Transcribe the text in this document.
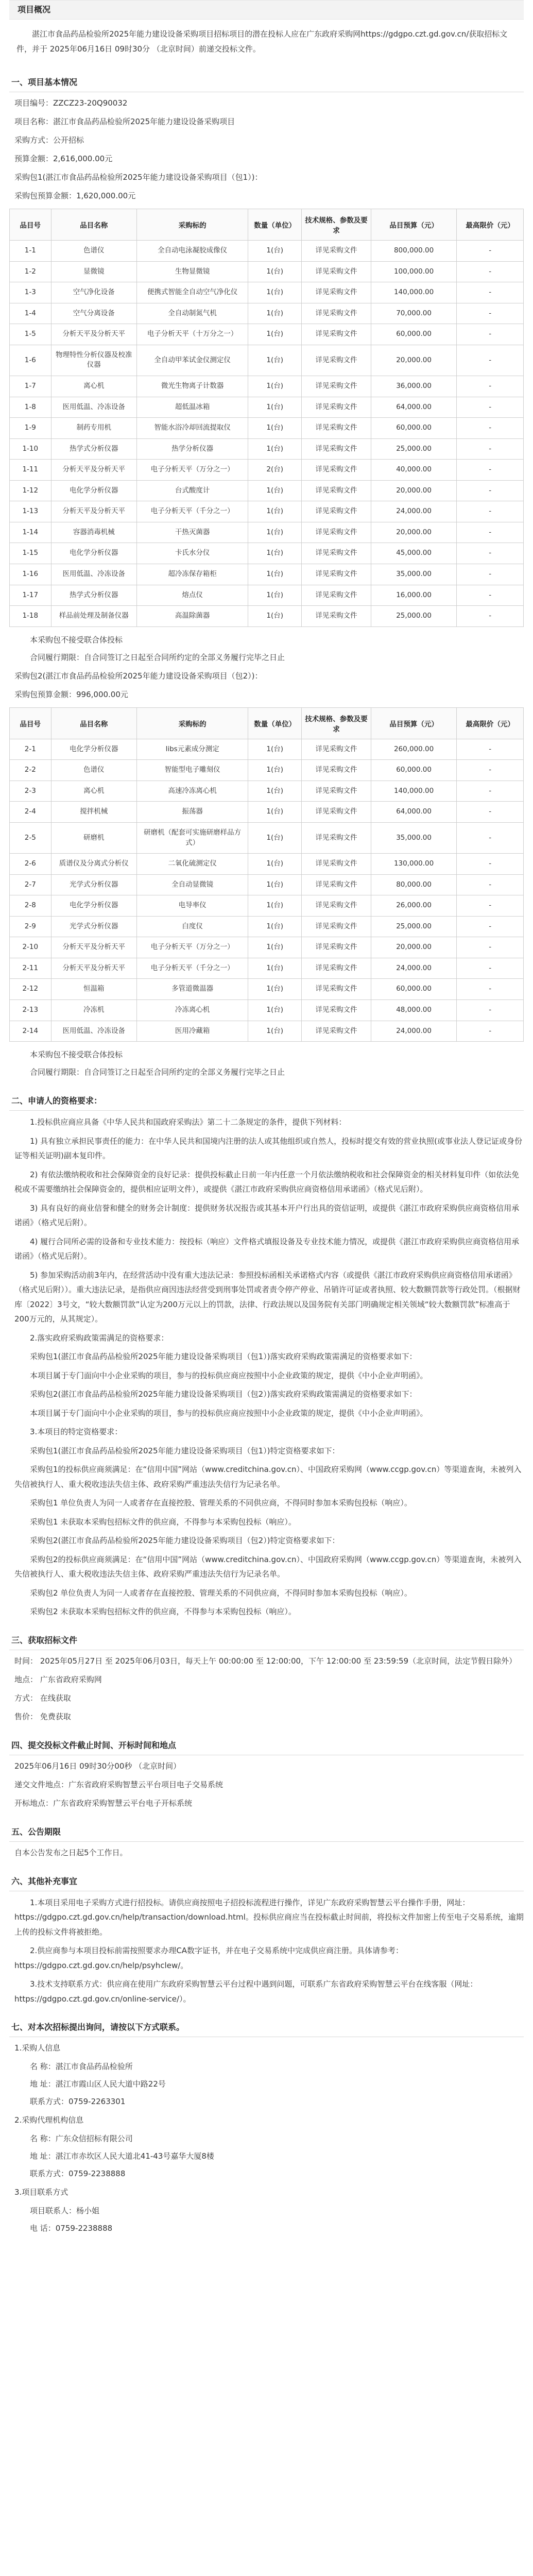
项目概况

湛江市食品药品检验所2025年能力建设设备采购项目招标项目的潜在投标人应在广东政府采购网https://gdgpo.czt.gd.gov.cn/获取招标文件，并于 2025年06月16日 09时30分 （北京时间）前递交投标文件。

一、项目基本情况
项目编号：ZZCZ23-20Q90032
项目名称：湛江市食品药品检验所2025年能力建设设备采购项目
采购方式：公开招标
预算金额：2,616,000.00元
采购包1(湛江市食品药品检验所2025年能力建设设备采购项目（包1）)：
采购包预算金额：1,620,000.00元
品目号	品目名称	采购标的	数量（单位）	技术规格、参数及要求	品目预算（元）	最高限价（元）
1-1	色谱仪	全自动电泳凝胶成像仪	1(台)	详见采购文件	800,000.00	-
1-2	显微镜	生物显微镜	1(台)	详见采购文件	100,000.00	-
1-3	空气净化设备	便携式智能全自动空气净化仪	1(台)	详见采购文件	140,000.00	-
1-4	空气分离设备	全自动制氮气机	1(台)	详见采购文件	70,000.00	-
1-5	分析天平及分析天平	电子分析天平（十万分之一）	1(台)	详见采购文件	60,000.00	-
1-6	物理特性分析仪器及校准仪器	全自动甲苯试金仪测定仪	1(台)	详见采购文件	20,000.00	-
1-7	离心机	微光生物离子计数器	1(台)	详见采购文件	36,000.00	-
1-8	医用低温、冷冻设备	超低温冰箱	1(台)	详见采购文件	64,000.00	-
1-9	制药专用机	智能水浴冷却回流提取仪	1(台)	详见采购文件	60,000.00	-
1-10	热学式分析仪器	热学分析仪器	1(台)	详见采购文件	25,000.00	-
1-11	分析天平及分析天平	电子分析天平（万分之一）	2(台)	详见采购文件	40,000.00	-
1-12	电化学分析仪器	台式酸度计	1(台)	详见采购文件	20,000.00	-
1-13	分析天平及分析天平	电子分析天平（千分之一）	1(台)	详见采购文件	24,000.00	-
1-14	容器消毒机械	干热灭菌器	1(台)	详见采购文件	20,000.00	-
1-15	电化学分析仪器	卡氏水分仪	1(台)	详见采购文件	45,000.00	-
1-16	医用低温、冷冻设备	超冷冻保存箱柜	1(台)	详见采购文件	35,000.00	-
1-17	热学式分析仪器	熔点仪	1(台)	详见采购文件	16,000.00	-
1-18	样品前处理及制备仪器	高温除菌器	1(台)	详见采购文件	25,000.00	-
本采购包不接受联合体投标
合同履行期限：自合同签订之日起至合同所约定的全部义务履行完毕之日止
采购包2(湛江市食品药品检验所2025年能力建设设备采购项目（包2）)：
采购包预算金额：996,000.00元
品目号	品目名称	采购标的	数量（单位）	技术规格、参数及要求	品目预算（元）	最高限价（元）
2-1	电化学分析仪器	libs元素成分测定	1(台)	详见采购文件	260,000.00	-
2-2	色谱仪	智能型电子雕刻仪	1(台)	详见采购文件	60,000.00	-
2-3	离心机	高速冷冻离心机	1(台)	详见采购文件	140,000.00	-
2-4	搅拌机械	振荡器	1(台)	详见采购文件	64,000.00	-
2-5	研磨机	研磨机（配套可实施研磨样品方式）	1(台)	详见采购文件	35,000.00	-
2-6	质谱仪及分离式分析仪	二氧化硫测定仪	1(台)	详见采购文件	130,000.00	-
2-7	光学式分析仪器	全自动显微镜	1(台)	详见采购文件	80,000.00	-
2-8	电化学分析仪器	电导率仪	1(台)	详见采购文件	26,000.00	-
2-9	光学式分析仪器	白度仪	1(台)	详见采购文件	25,000.00	-
2-10	分析天平及分析天平	电子分析天平（万分之一）	1(台)	详见采购文件	20,000.00	-
2-11	分析天平及分析天平	电子分析天平（千分之一）	1(台)	详见采购文件	24,000.00	-
2-12	恒温箱	多管道微温器	1(台)	详见采购文件	60,000.00	-
2-13	冷冻机	冷冻离心机	1(台)	详见采购文件	48,000.00	-
2-14	医用低温、冷冻设备	医用冷藏箱	1(台)	详见采购文件	24,000.00	-
本采购包不接受联合体投标
合同履行期限：自合同签订之日起至合同所约定的全部义务履行完毕之日止
二、申请人的资格要求：
1.投标供应商应具备《中华人民共和国政府采购法》第二十二条规定的条件，提供下列材料：
1) 具有独立承担民事责任的能力：在中华人民共和国境内注册的法人或其他组织或自然人，投标时提交有效的营业执照(或事业法人登记证或身份证等相关证明)副本复印件。
2) 有依法缴纳税收和社会保障资金的良好记录：提供投标截止日前一年内任意一个月依法缴纳税收和社会保障资金的相关材料复印件（如依法免税或不需要缴纳社会保障资金的，提供相应证明文件），或提供《湛江市政府采购供应商资格信用承诺函》（格式见后附）。
3) 具有良好的商业信誉和健全的财务会计制度：提供财务状况报告或其基本开户行出具的资信证明，或提供《湛江市政府采购供应商资格信用承诺函》（格式见后附）。
4) 履行合同所必需的设备和专业技术能力：按投标（响应）文件格式填报设备及专业技术能力情况，或提供《湛江市政府采购供应商资格信用承诺函》（格式见后附）。
5) 参加采购活动前3年内，在经营活动中没有重大违法记录：参照投标函相关承诺格式内容（或提供《湛江市政府采购供应商资格信用承诺函》（格式见后附））。重大违法记录，是指供应商因违法经营受到刑事处罚或者责令停产停业、吊销许可证或者执照、较大数额罚款等行政处罚。（根据财库〔2022〕3号文，“较大数额罚款”认定为200万元以上的罚款，法律、行政法规以及国务院有关部门明确规定相关领域“较大数额罚款”标准高于200万元的，从其规定）。
2.落实政府采购政策需满足的资格要求：
采购包1(湛江市食品药品检验所2025年能力建设设备采购项目（包1）)落实政府采购政策需满足的资格要求如下：
本项目属于专门面向中小企业采购的项目，参与的投标供应商应按照中小企业政策的规定，提供《中小企业声明函》。
采购包2(湛江市食品药品检验所2025年能力建设设备采购项目（包2）)落实政府采购政策需满足的资格要求如下：
本项目属于专门面向中小企业采购的项目，参与的投标供应商应按照中小企业政策的规定，提供《中小企业声明函》。
3.本项目的特定资格要求：
采购包1(湛江市食品药品检验所2025年能力建设设备采购项目（包1）)特定资格要求如下：
采购包1的投标供应商须满足：在“信用中国”网站（www.creditchina.gov.cn）、中国政府采购网（www.ccgp.gov.cn）等渠道查询，未被列入失信被执行人、重大税收违法失信主体、政府采购严重违法失信行为记录名单。
采购包1 单位负责人为同一人或者存在直接控股、管理关系的不同供应商，不得同时参加本采购包投标（响应）。
采购包1 未获取本采购包招标文件的供应商，不得参与本采购包投标（响应）。
采购包2(湛江市食品药品检验所2025年能力建设设备采购项目（包2）)特定资格要求如下：
采购包2的投标供应商须满足：在“信用中国”网站（www.creditchina.gov.cn）、中国政府采购网（www.ccgp.gov.cn）等渠道查询，未被列入失信被执行人、重大税收违法失信主体、政府采购严重违法失信行为记录名单。
采购包2 单位负责人为同一人或者存在直接控股、管理关系的不同供应商，不得同时参加本采购包投标（响应）。
采购包2 未获取本采购包招标文件的供应商，不得参与本采购包投标（响应）。
三、获取招标文件
时间： 2025年05月27日 至 2025年06月03日，每天上午 00:00:00 至 12:00:00，下午 12:00:00 至 23:59:59（北京时间，法定节假日除外）
地点： 广东省政府采购网
方式： 在线获取
售价： 免费获取
四、提交投标文件截止时间、开标时间和地点
2025年06月16日 09时30分00秒 （北京时间）
递交文件地点：广东省政府采购智慧云平台项目电子交易系统
开标地点：广东省政府采购智慧云平台电子开标系统
五、公告期限
自本公告发布之日起5个工作日。
六、其他补充事宜
1.本项目采用电子采购方式进行招投标。请供应商按照电子招投标流程进行操作，详见广东政府采购智慧云平台操作手册，网址：https://gdgpo.czt.gd.gov.cn/help/transaction/download.html。投标供应商应当在投标截止时间前，将投标文件加密上传至电子交易系统，逾期上传的投标文件将被拒绝。
2.供应商参与本项目投标前需按照要求办理CA数字证书，并在电子交易系统中完成供应商注册。具体请参考：https://gdgpo.czt.gd.gov.cn/help/psyhclew/。
3.技术支持联系方式：供应商在使用广东政府采购智慧云平台过程中遇到问题，可联系广东省政府采购智慧云平台在线客服（网址：https://gdgpo.czt.gd.gov.cn/online-service/）。
七、对本次招标提出询问，请按以下方式联系。
1.采购人信息
名 称：湛江市食品药品检验所
地 址：湛江市霞山区人民大道中路22号
联系方式：0759-2263301
2.采购代理机构信息
名 称：广东众信招标有限公司
地 址：湛江市赤坎区人民大道北41-43号嘉华大厦8楼
联系方式：0759-2238888
3.项目联系方式
项目联系人：杨小姐
电 话：0759-2238888
